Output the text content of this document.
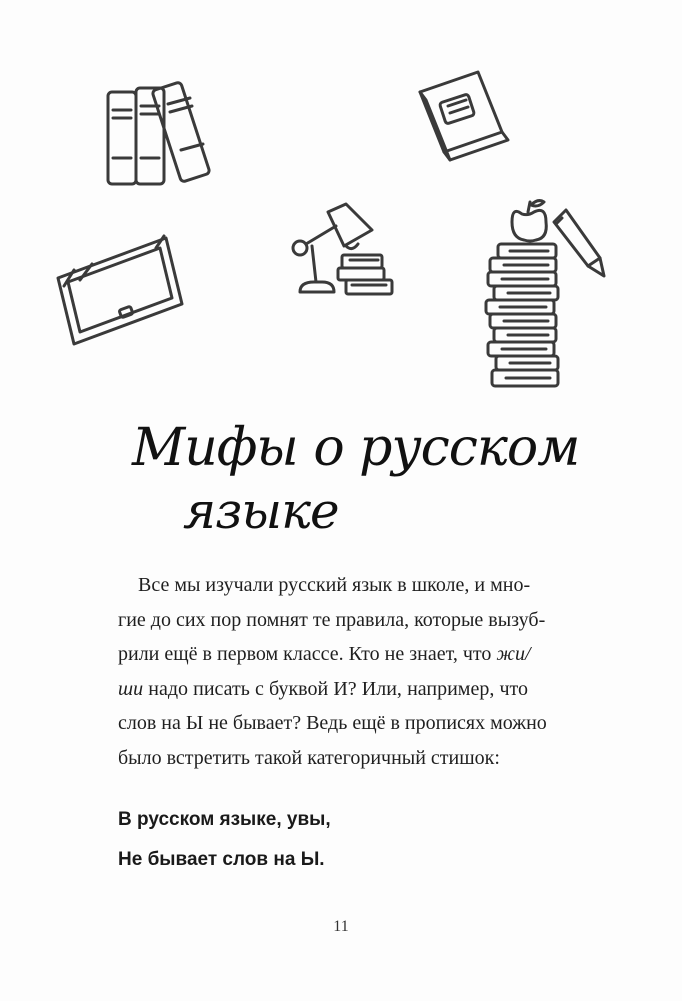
Мифы о русском
языке
Все мы изучали русский язык в школе, и мно-
гие до сих пор помнят те правила, которые вызуб-
рили ещё в первом классе. Кто не знает, что жи/
ши надо писать с буквой И? Или, например, что
слов на Ы не бывает? Ведь ещё в прописях можно
было встретить такой категоричный стишок:
В русском языке, увы,
Не бывает слов на Ы.
11
